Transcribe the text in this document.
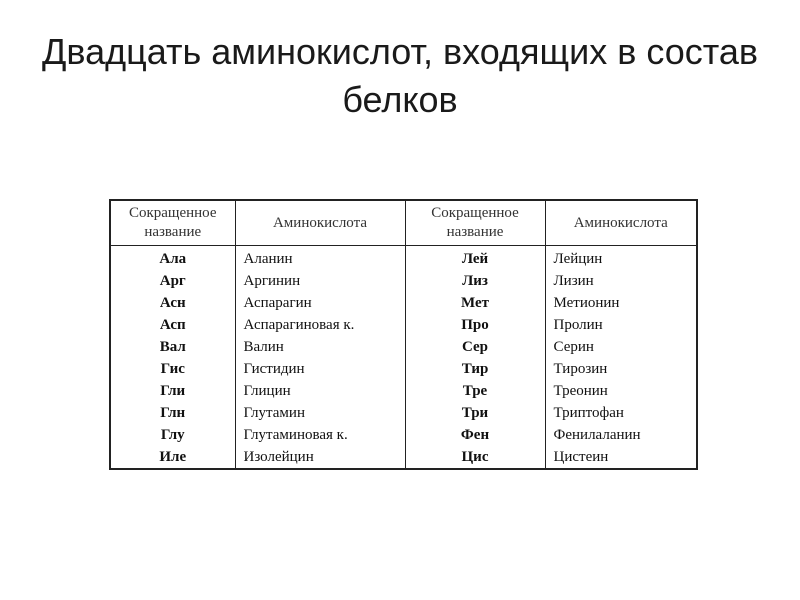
Двадцать аминокислот, входящих в состав белков
Сокращенное название	Аминокислота	Сокращенное название	Аминокислота
Ала	Аланин	Лей	Лейцин
Арг	Аргинин	Лиз	Лизин
Асн	Аспарагин	Мет	Метионин
Асп	Аспарагиновая к.	Про	Пролин
Вал	Валин	Сер	Серин
Гис	Гистидин	Тир	Тирозин
Гли	Глицин	Тре	Треонин
Глн	Глутамин	Три	Триптофан
Глу	Глутаминовая к.	Фен	Фенилаланин
Иле	Изолейцин	Цис	Цистеин
